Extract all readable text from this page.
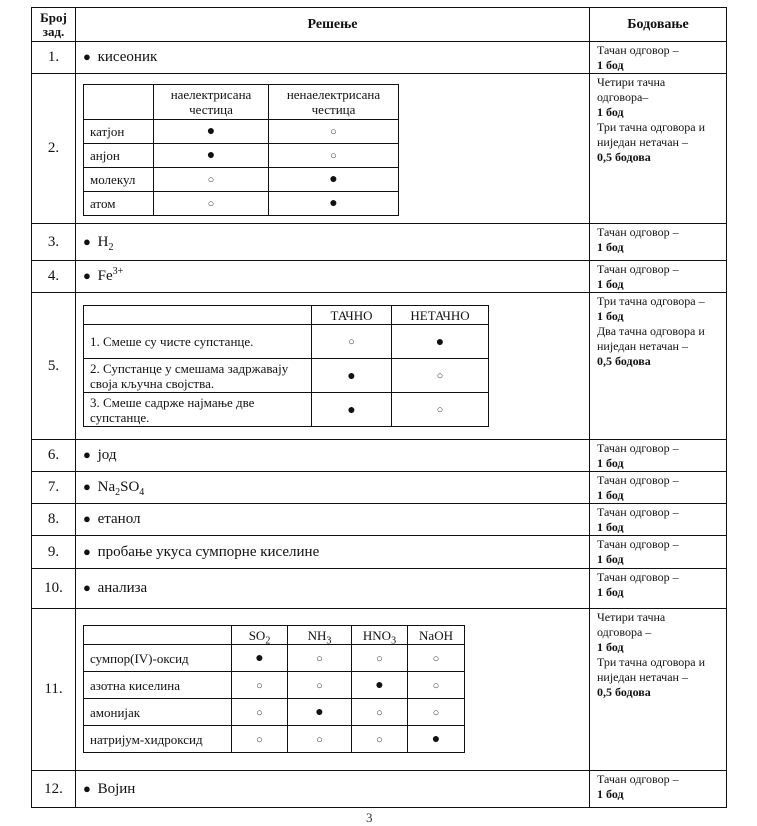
Број
зад.	Решење	Бодовање
1.	● кисеоник	Тачан одговор –
1 бод

2.	
	наелектрисана честица	ненаелектрисана честица
катјон	●	○
анјон	●	○
молекул	○	●
атом	○	●

Четири тачна
одговора–
1 бод
Три тачна одговора и
ниједан нетачан –
0,5 бодова

3.	● $H_2$	
Тачан одговор –
1 бод

4.	● $Fe^{3+}$	Тачан одговор –
1 бод

5.	
	ТАЧНО	НЕТАЧНО
1. Смеше су чисте супстанце.	○	●
2. Супстанце у смешама задржавају своја кључна својства.	●	○
3. Смеше садрже најмање две супстанце.	●	○

Три тачна одговора –
1 бод
Два тачна одговора и
ниједан нетачан –
0,5 бодова

6.	● јод	Тачан одговор –
1 бод

7.	● $Na_2SO_4$	
Тачан одговор –
1 бод

8.	● етанол	Тачан одговор –
1 бод

9.	● пробање укуса сумпорне киселине	Тачан одговор –
1 бод

10.	● анализа	
Тачан одговор –
1 бод

11.	
	$SO_2$	$NH_3$	$HNO_3$	NaOH
сумпор(IV)-оксид	●	○	○	○
азотна киселина	○	○	●	○
амонијак	○	●	○	○
натријум-хидроксид	○	○	○	●

Четири тачна
одговора –
1 бод
Три тачна одговора и
ниједан нетачан –
0,5 бодова

12.	● Војин	
Тачан одговор –
1 бод
3
